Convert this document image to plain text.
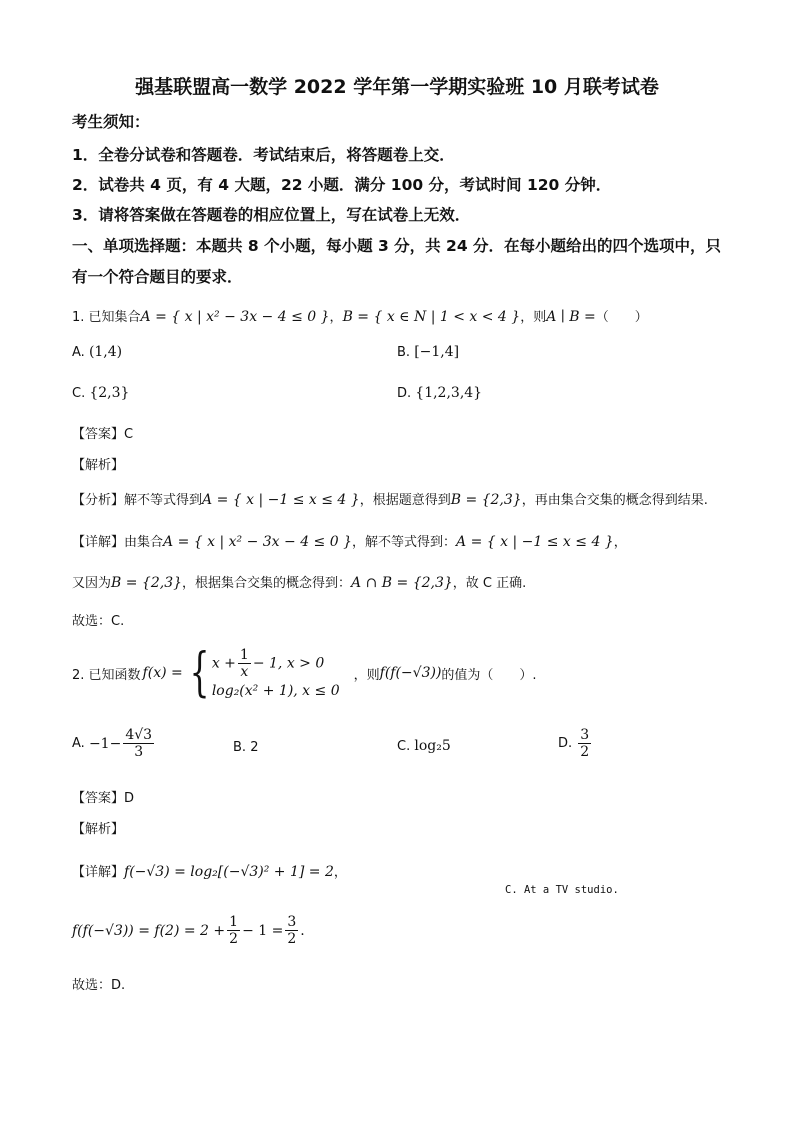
强基联盟高一数学 2022 学年第一学期实验班 10 月联考试卷
考生须知：
1．全卷分试卷和答题卷．考试结束后，将答题卷上交．
2．试卷共 4 页，有 4 大题，22 小题．满分 100 分，考试时间 120 分钟．
3．请将答案做在答题卷的相应位置上，写在试卷上无效．
一、单项选择题：本题共 8 个小题，每小题 3 分，共 24 分．在每小题给出的四个选项中，只
有一个符合题目的要求．
1. 已知集合A = { x | x² − 3x − 4 ≤ 0 }，B = { x ∈ N | 1 < x < 4 }，则A ∣ B =（　　）
A. (1,4)	B. [−1,4]
C. {2,3}	D. {1,2,3,4}
【答案】C
【解析】
【分析】解不等式得到A = { x | −1 ≤ x ≤ 4 }，根据题意得到B = {2,3}，再由集合交集的概念得到结果.
【详解】由集合A = { x | x² − 3x − 4 ≤ 0 }，解不等式得到：A = { x | −1 ≤ x ≤ 4 }，
又因为B = {2,3}，根据集合交集的概念得到：A ∩ B = {2,3}，故 C 正确.
故选：C.
2. 已知函数 f(x) = { $x + \frac{1}{x} - 1$, x > 0
log₂(x² + 1), x ≤ 0
，则 f(f(−√3)) 的值为（　　）.
A.
$-1- \frac{4√3}{3}$	B. 2	C. log₂5	D.
$\frac{3}{2}$
【答案】D
【解析】
【详解】f(−√3) = log₂[(−√3)² + 1] = 2，
C. At a TV studio.
$f(f(-√3)) = f(2) = 2 + \frac{1}{2} - 1 = \frac{3}{2}$ .
故选：D.
